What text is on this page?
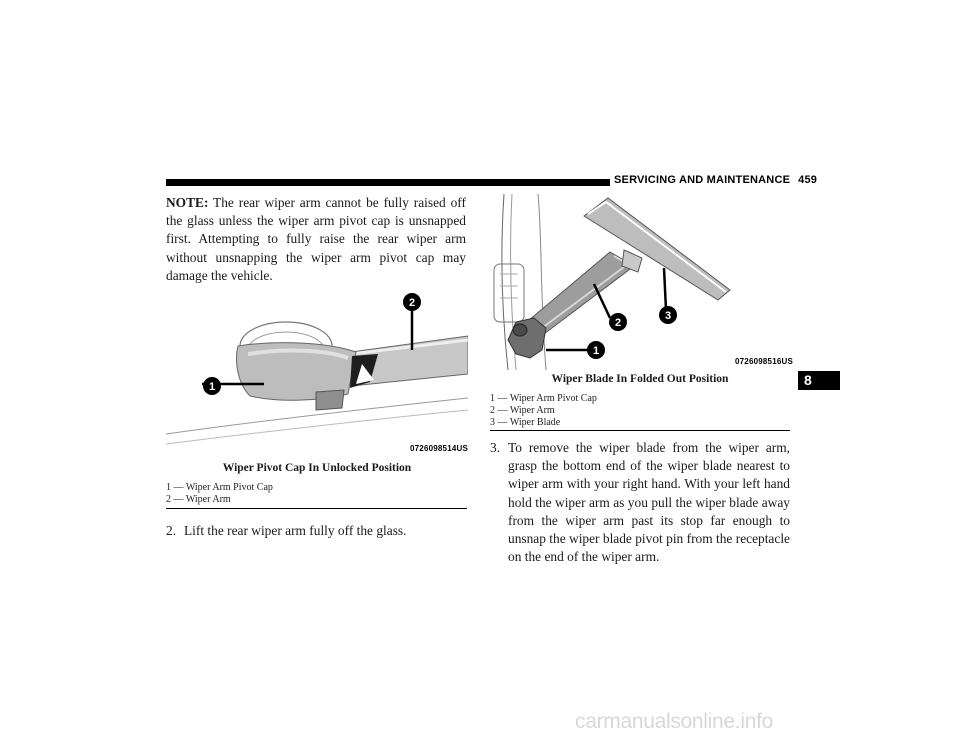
SERVICING AND MAINTENANCE 459
NOTE: The rear wiper arm cannot be fully raised off the glass unless the wiper arm pivot cap is unsnapped first. Attempting to fully raise the rear wiper arm without unsnapping the wiper arm pivot cap may damage the vehicle.
1
2
0726098514US
Wiper Pivot Cap In Unlocked Position
1 — Wiper Arm Pivot Cap
2 — Wiper Arm
2. Lift the rear wiper arm fully off the glass.
2
3
1
0726098516US
Wiper Blade In Folded Out Position
1 — Wiper Arm Pivot Cap
2 — Wiper Arm
3 — Wiper Blade
3. To remove the wiper blade from the wiper arm, grasp the bottom end of the wiper blade nearest to wiper arm with your right hand. With your left hand hold the wiper arm as you pull the wiper blade away from the wiper arm past its stop far enough to unsnap the wiper blade pivot pin from the receptacle on the end of the wiper arm.
8
carmanualsonline.info
